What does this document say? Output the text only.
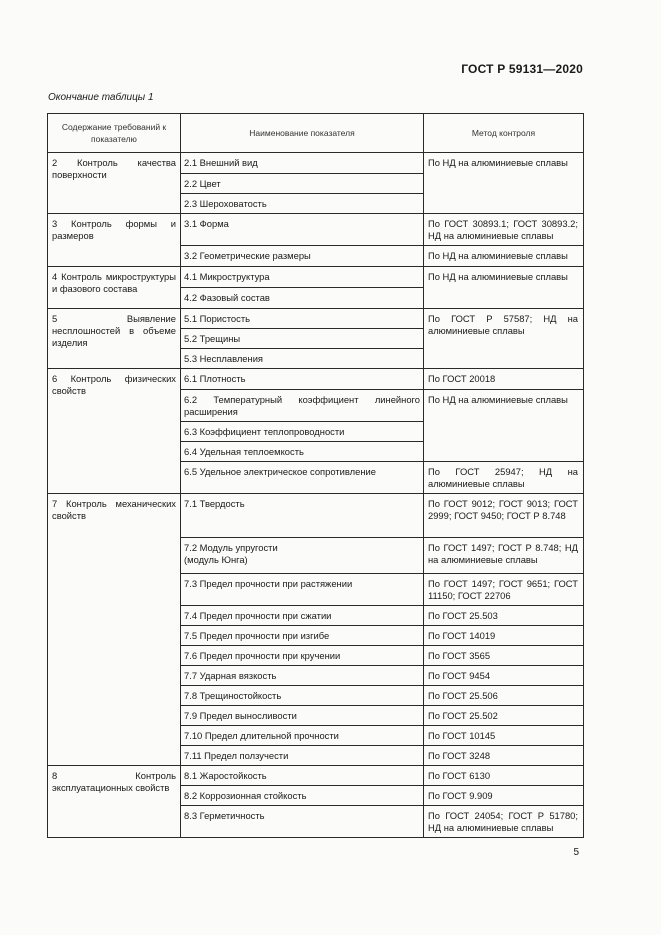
ГОСТ Р 59131—2020
Окончание таблицы 1
Содержание требований к показателю	Наименование показателя	Метод контроля
2 Контроль качества поверхности	2.1 Внешний вид	По НД на алюминиевые сплавы
	2.2 Цвет	
	2.3 Шероховатость	
3 Контроль формы и размеров	3.1 Форма	По ГОСТ 30893.1; ГОСТ 30893.2; НД на алюминиевые сплавы
	3.2 Геометрические размеры	По НД на алюминиевые сплавы
4 Контроль микроструктуры и фазового состава	4.1 Микроструктура	По НД на алюминиевые сплавы
	4.2 Фазовый состав	
5 Выявление несплошностей в объеме изделия	5.1 Пористость	По ГОСТ Р 57587; НД на алюминиевые сплавы
	5.2 Трещины	
	5.3 Несплавления	
6 Контроль физических свойств	6.1 Плотность	По ГОСТ 20018
	6.2 Температурный коэффициент линейного расширения	По НД на алюминиевые сплавы
	6.3 Коэффициент теплопроводности	
	6.4 Удельная теплоемкость	
	6.5 Удельное электрическое сопротивление	По ГОСТ 25947; НД на алюминиевые сплавы
7 Контроль механических свойств	7.1 Твердость	По ГОСТ 9012; ГОСТ 9013; ГОСТ 2999; ГОСТ 9450; ГОСТ Р 8.748

	7.2 Модуль упругости (модуль Юнга)	По ГОСТ 1497; ГОСТ Р 8.748; НД на алюминиевые сплавы
	7.3 Предел прочности при растяжении	По ГОСТ 1497; ГОСТ 9651; ГОСТ 11150; ГОСТ 22706
	7.4 Предел прочности при сжатии	По ГОСТ 25.503
	7.5 Предел прочности при изгибе	По ГОСТ 14019
	7.6 Предел прочности при кручении	По ГОСТ 3565
	7.7 Ударная вязкость	По ГОСТ 9454
	7.8 Трещиностойкость	По ГОСТ 25.506
	7.9 Предел выносливости	По ГОСТ 25.502
	7.10 Предел длительной прочности	По ГОСТ 10145
	7.11 Предел ползучести	По ГОСТ 3248
8 Контроль эксплуатационных свойств	8.1 Жаростойкость	По ГОСТ 6130
	8.2 Коррозионная стойкость	По ГОСТ 9.909
	8.3 Герметичность	По ГОСТ 24054; ГОСТ Р 51780; НД на алюминиевые сплавы
5
